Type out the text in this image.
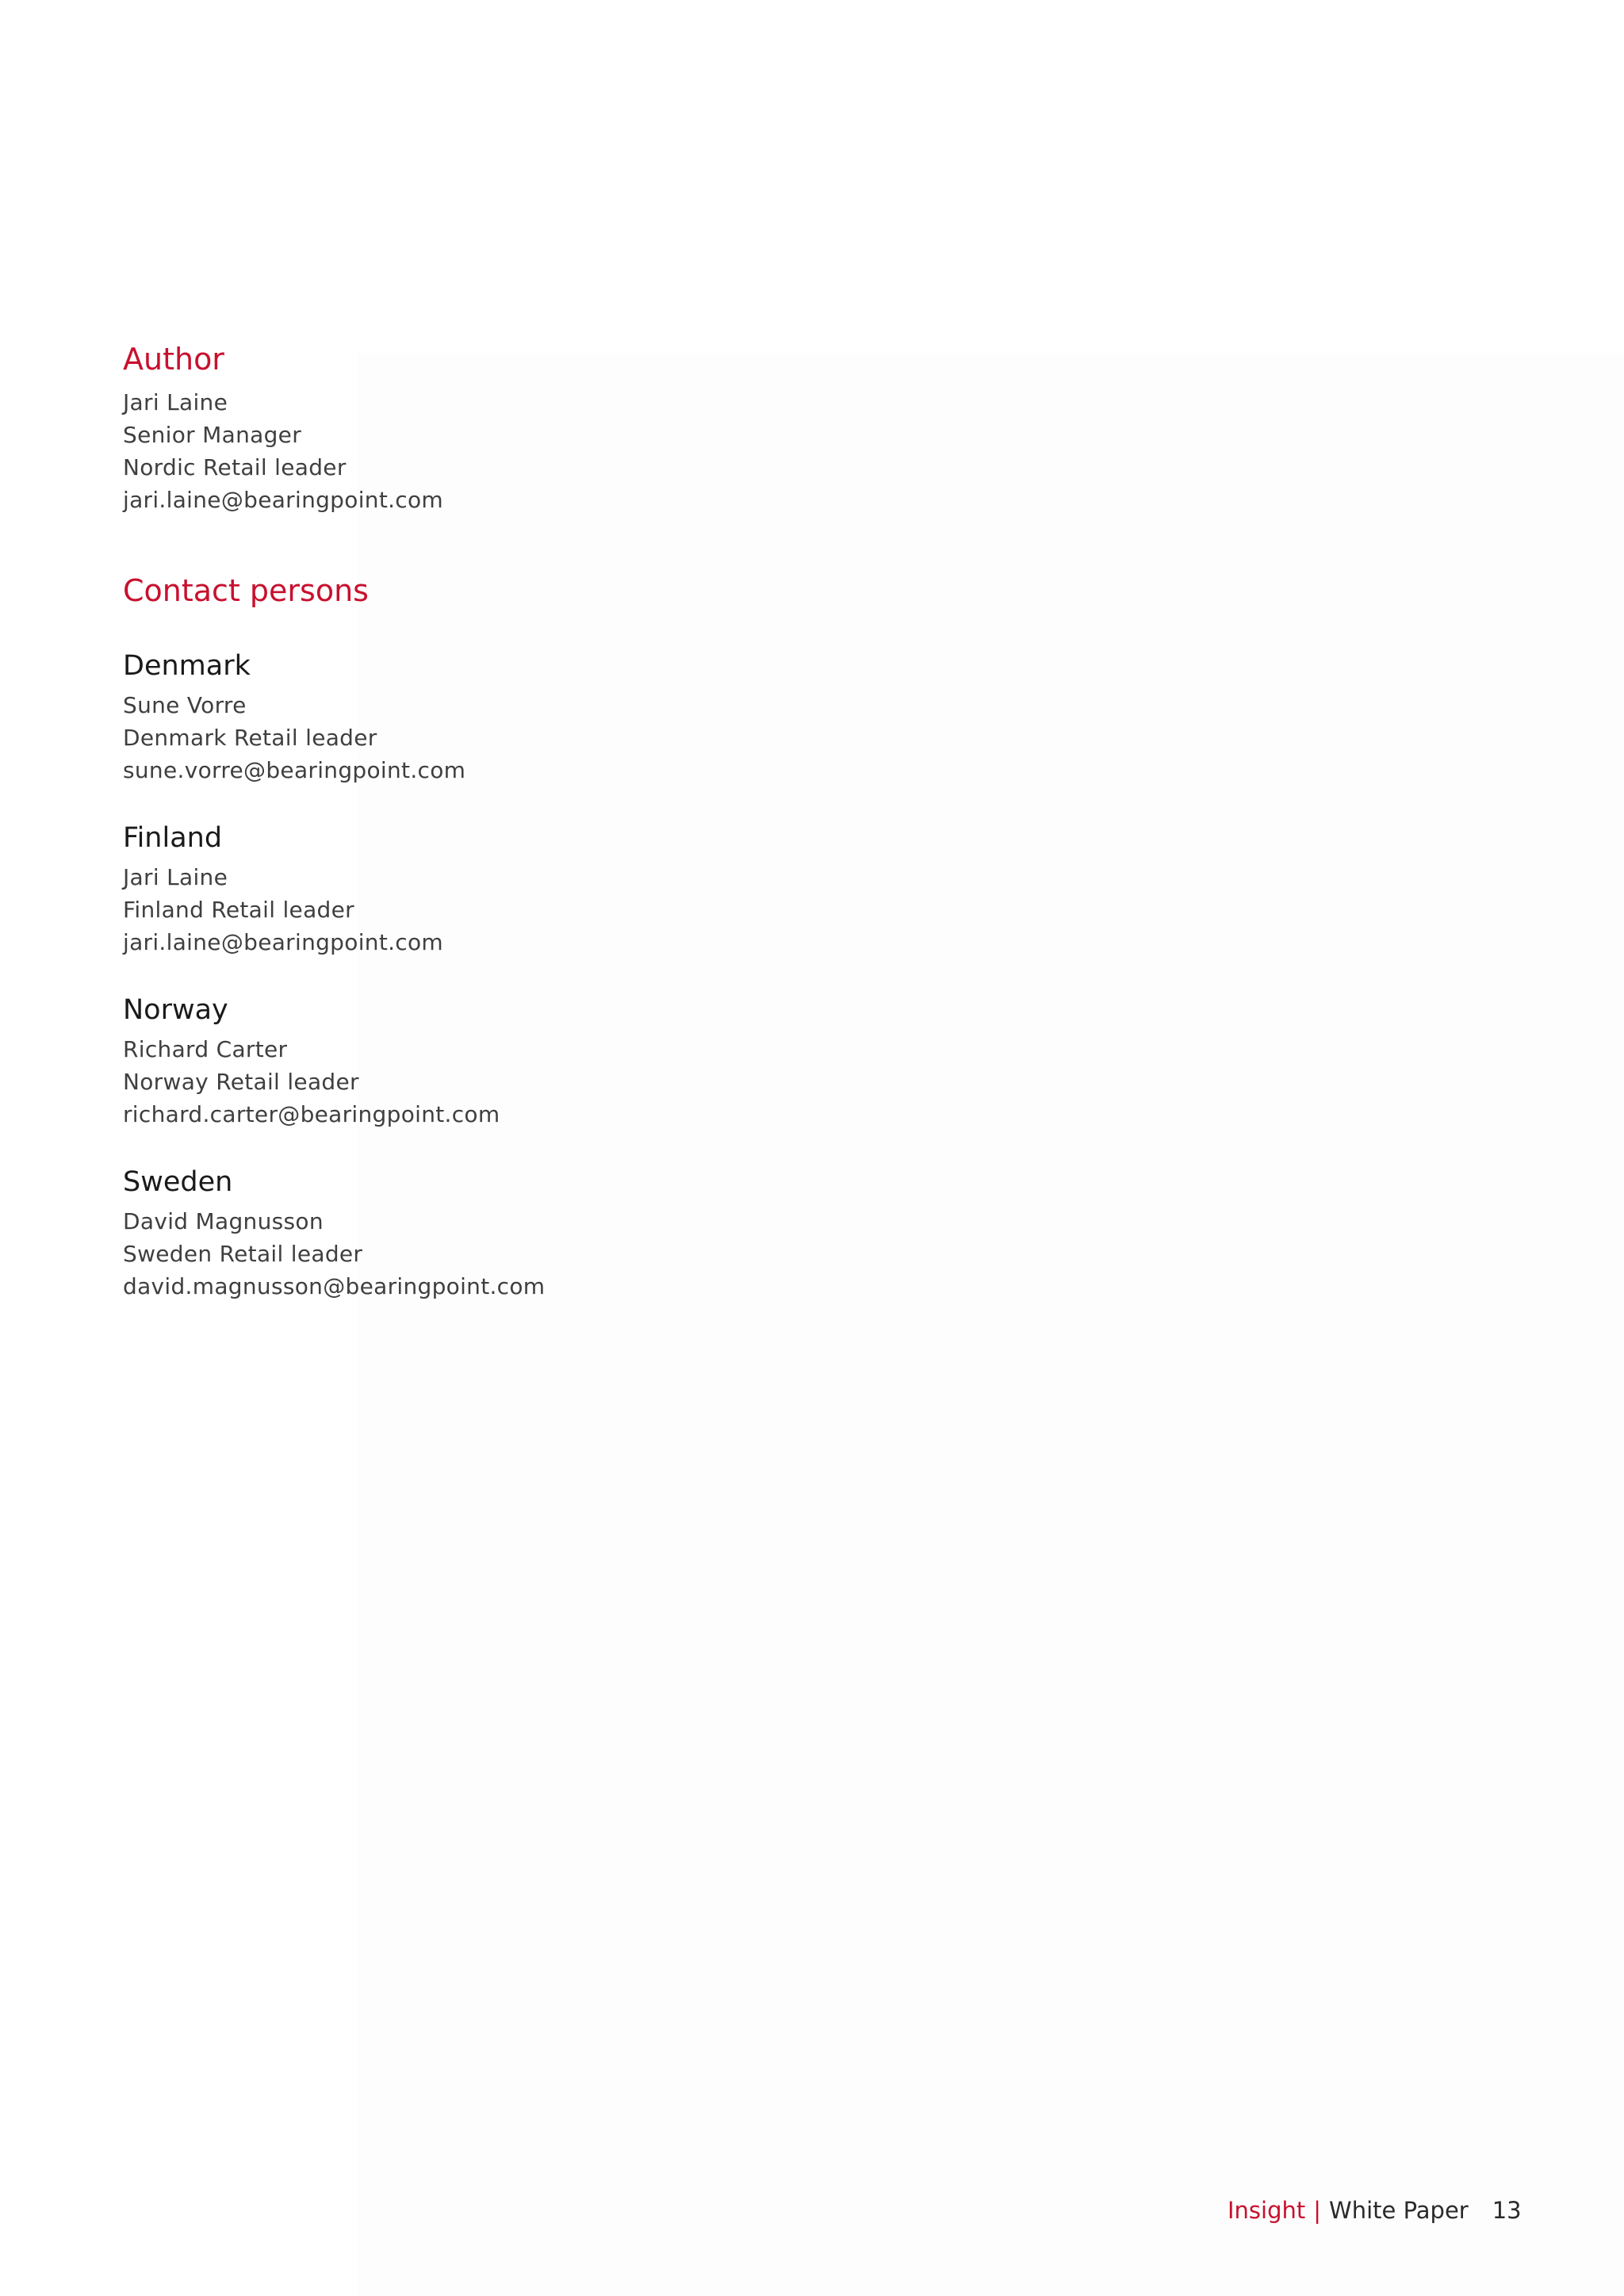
Author
Jari Laine
Senior Manager
Nordic Retail leader
jari.laine@bearingpoint.com
Contact persons
Denmark
Sune Vorre
Denmark Retail leader
sune.vorre@bearingpoint.com
Finland
Jari Laine
Finland Retail leader
jari.laine@bearingpoint.com
Norway
Richard Carter
Norway Retail leader
richard.carter@bearingpoint.com
Sweden
David Magnusson
Sweden Retail leader
david.magnusson@bearingpoint.com
Insight | White Paper 13
